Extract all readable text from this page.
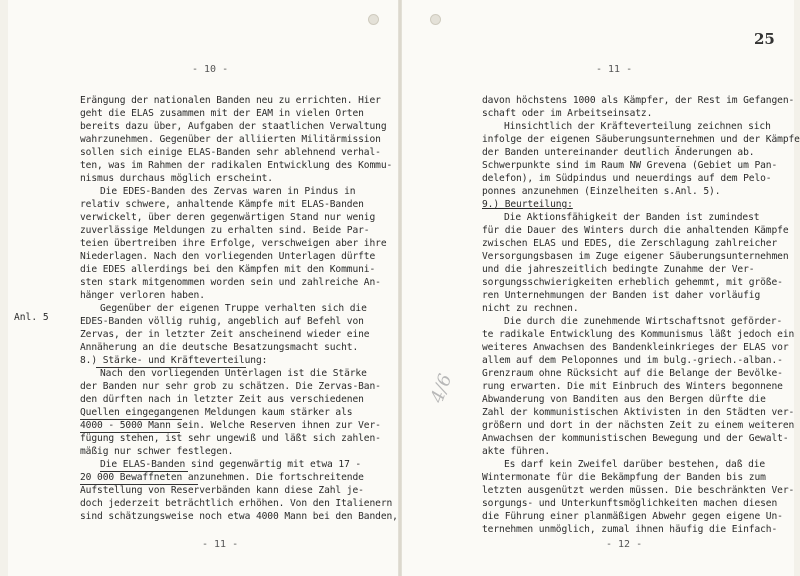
25
- 10 -
- 11 -
- 11 -
- 12 -
Anl. 5
4/6
Erängung der nationalen Banden neu zu errichten. Hier
geht die ELAS zusammen mit der EAM in vielen Orten
bereits dazu über, Aufgaben der staatlichen Verwaltung
wahrzunehmen. Gegenüber der alliierten Militärmission
sollen sich einige ELAS-Banden sehr ablehnend verhal-
ten, was im Rahmen der radikalen Entwicklung des Kommu-
nismus durchaus möglich erscheint.
Die EDES-Banden des Zervas waren in Pindus in
relativ schwere, anhaltende Kämpfe mit ELAS-Banden
verwickelt, über deren gegenwärtigen Stand nur wenig
zuverlässige Meldungen zu erhalten sind. Beide Par-
teien übertreiben ihre Erfolge, verschweigen aber ihre
Niederlagen. Nach den vorliegenden Unterlagen dürfte
die EDES allerdings bei den Kämpfen mit den Kommuni-
sten stark mitgenommen worden sein und zahlreiche An-
hänger verloren haben.
Gegenüber der eigenen Truppe verhalten sich die
EDES-Banden völlig ruhig, angeblich auf Befehl von
Zervas, der in letzter Zeit anscheinend wieder eine
Annäherung an die deutsche Besatzungsmacht sucht.
8.) Stärke- und Kräfteverteilung:
Nach den vorliegenden Unterlagen ist die Stärke
der Banden nur sehr grob zu schätzen. Die Zervas-Ban-
den dürften nach in letzter Zeit aus verschiedenen
Quellen eingegangenen Meldungen kaum stärker als
4000 - 5000 Mann sein. Welche Reserven ihnen zur Ver-
fügung stehen, ist sehr ungewiß und läßt sich zahlen-
mäßig nur schwer festlegen.
Die ELAS-Banden sind gegenwärtig mit etwa 17 -
20 000 Bewaffneten anzunehmen. Die fortschreitende
Aufstellung von Reserverbänden kann diese Zahl je-
doch jederzeit beträchtlich erhöhen. Von den Italienern
sind schätzungsweise noch etwa 4000 Mann bei den Banden,
davon höchstens 1000 als Kämpfer, der Rest im Gefangen-
schaft oder im Arbeitseinsatz.
Hinsichtlich der Kräfteverteilung zeichnen sich
infolge der eigenen Säuberungsunternehmen und der Kämpfe
der Banden untereinander deutlich Änderungen ab.
Schwerpunkte sind im Raum NW Grevena (Gebiet um Pan-
delefon), im Südpindus und neuerdings auf dem Pelo-
ponnes anzunehmen (Einzelheiten s.Anl. 5).
9.) Beurteilung:
Die Aktionsfähigkeit der Banden ist zumindest
für die Dauer des Winters durch die anhaltenden Kämpfe
zwischen ELAS und EDES, die Zerschlagung zahlreicher
Versorgungsbasen im Zuge eigener Säuberungsunternehmen
und die jahreszeitlich bedingte Zunahme der Ver-
sorgungsschwierigkeiten erheblich gehemmt, mit größe-
ren Unternehmungen der Banden ist daher vorläufig
nicht zu rechnen.
Die durch die zunehmende Wirtschaftsnot geförder-
te radikale Entwicklung des Kommunismus läßt jedoch ein
weiteres Anwachsen des Bandenkleinkrieges der ELAS vor
allem auf dem Peloponnes und im bulg.-griech.-alban.-
Grenzraum ohne Rücksicht auf die Belange der Bevölke-
rung erwarten. Die mit Einbruch des Winters begonnene
Abwanderung von Banditen aus den Bergen dürfte die
Zahl der kommunistischen Aktivisten in den Städten ver-
größern und dort in der nächsten Zeit zu einem weiteren
Anwachsen der kommunistischen Bewegung und der Gewalt-
akte führen.
Es darf kein Zweifel darüber bestehen, daß die
Wintermonate für die Bekämpfung der Banden bis zum
letzten ausgenützt werden müssen. Die beschränkten Ver-
sorgungs- und Unterkunftsmöglichkeiten machen diesen
die Führung einer planmäßigen Abwehr gegen eigene Un-
ternehmen unmöglich, zumal ihnen häufig die Einfach-
